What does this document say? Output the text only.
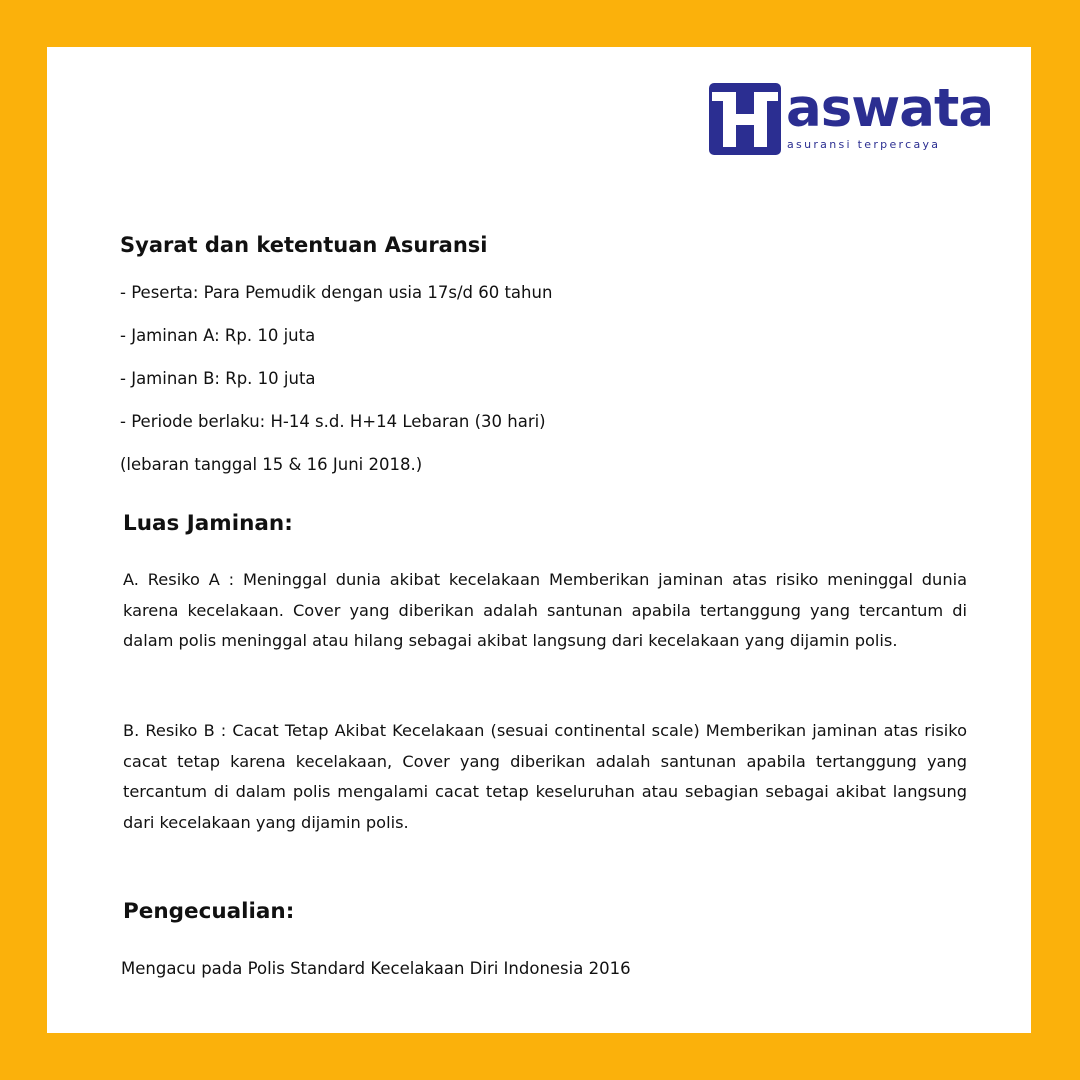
aswata
asuransi terpercaya
Syarat dan ketentuan Asuransi
- Peserta: Para Pemudik dengan usia 17s/d 60 tahun
- Jaminan A: Rp. 10 juta
- Jaminan B: Rp. 10 juta
- Periode berlaku: H-14 s.d. H+14 Lebaran (30 hari)
(lebaran tanggal 15 & 16 Juni 2018.)
Luas Jaminan:

A. Resiko A : Meninggal dunia akibat kecelakaan Memberikan jaminan atas risiko meninggal dunia karena kecelakaan. Cover yang diberikan adalah santunan apabila tertanggung yang tercantum di dalam polis meninggal atau hilang sebagai akibat langsung dari kecelakaan yang dijamin polis.

B. Resiko B : Cacat Tetap Akibat Kecelakaan (sesuai continental scale) Memberikan jaminan atas risiko cacat tetap karena kecelakaan, Cover yang diberikan adalah santunan apabila tertanggung yang tercantum di dalam polis mengalami cacat tetap keseluruhan atau sebagian sebagai akibat langsung dari kecelakaan yang dijamin polis.

Pengecualian:

Mengacu pada Polis Standard Kecelakaan Diri Indonesia 2016
